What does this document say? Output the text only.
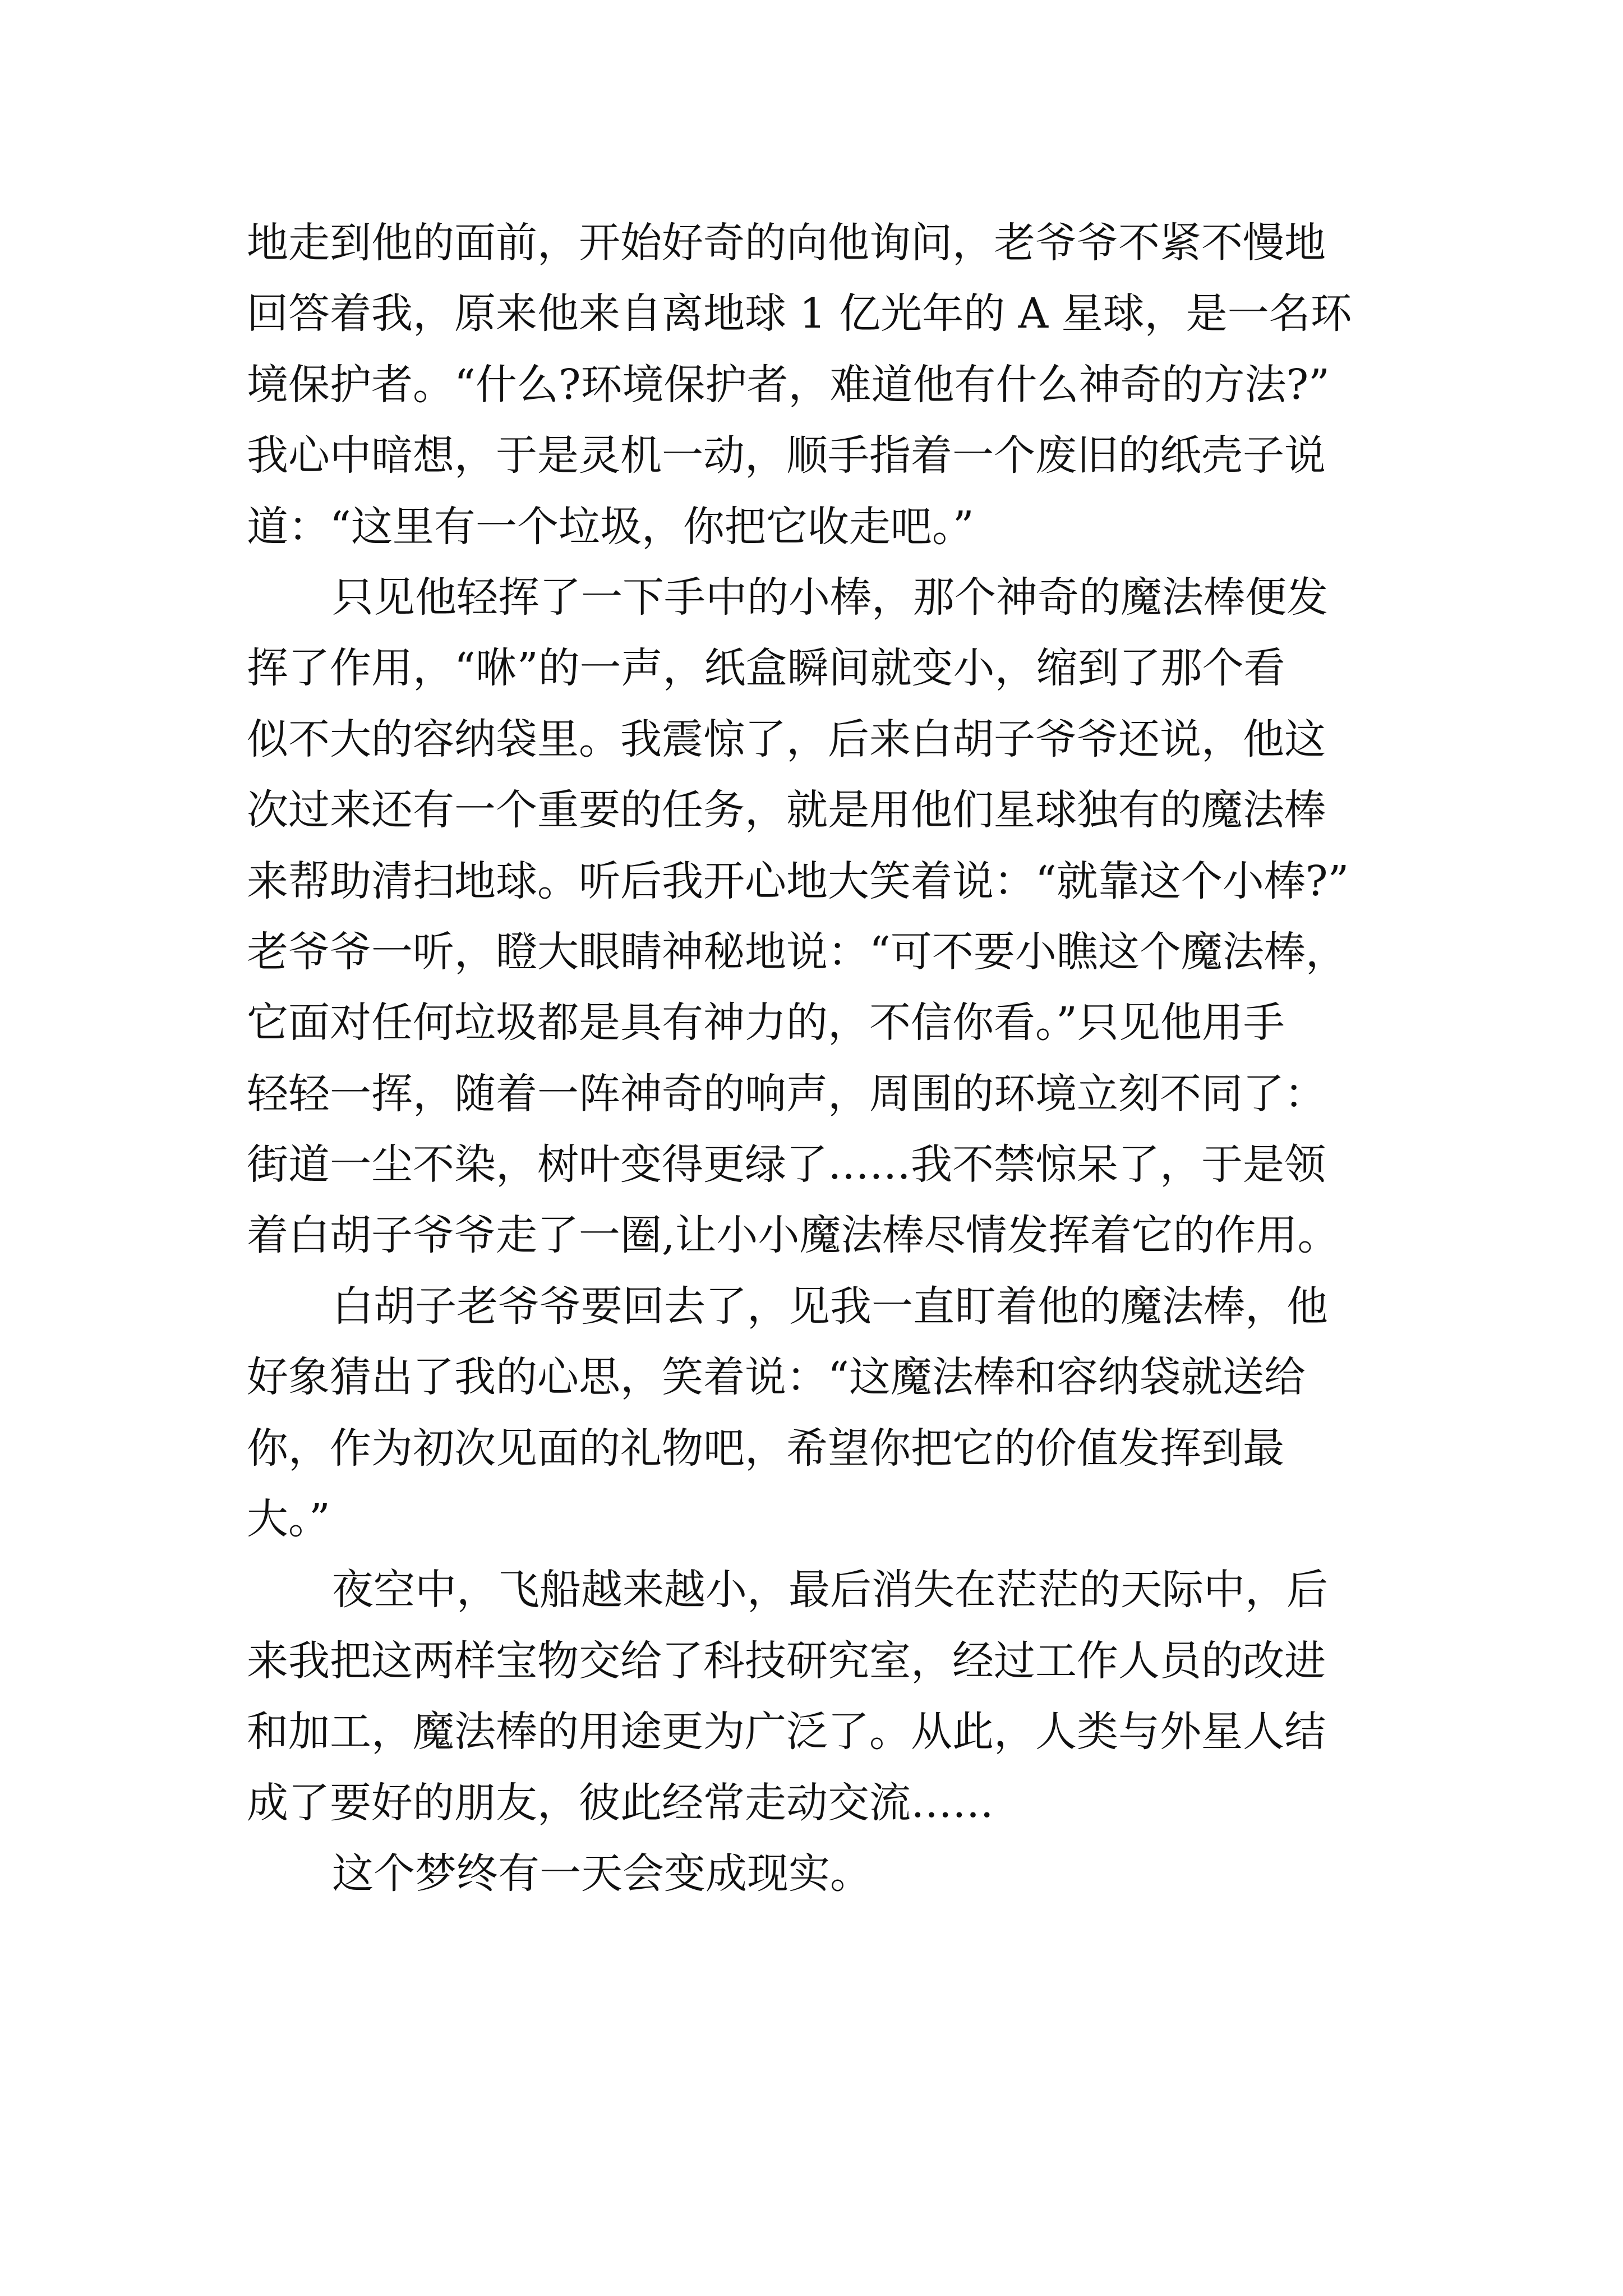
地走到他的面前，开始好奇的向他询问，老爷爷不紧不慢地
回答着我，原来他来自离地球 1 亿光年的 A 星球，是一名环
境保护者。“什么?环境保护者，难道他有什么神奇的方法?”
我心中暗想，于是灵机一动，顺手指着一个废旧的纸壳子说
道：“这里有一个垃圾，你把它收走吧。”
只见他轻挥了一下手中的小棒，那个神奇的魔法棒便发
挥了作用，“咻”的一声，纸盒瞬间就变小，缩到了那个看
似不大的容纳袋里。我震惊了，后来白胡子爷爷还说，他这
次过来还有一个重要的任务，就是用他们星球独有的魔法棒
来帮助清扫地球。听后我开心地大笑着说：“就靠这个小棒?”
老爷爷一听，瞪大眼睛神秘地说：“可不要小瞧这个魔法棒，
它面对任何垃圾都是具有神力的，不信你看。”只见他用手
轻轻一挥，随着一阵神奇的响声，周围的环境立刻不同了：
街道一尘不染，树叶变得更绿了……我不禁惊呆了，于是领
着白胡子爷爷走了一圈,让小小魔法棒尽情发挥着它的作用。
白胡子老爷爷要回去了，见我一直盯着他的魔法棒，他
好象猜出了我的心思，笑着说：“这魔法棒和容纳袋就送给
你，作为初次见面的礼物吧，希望你把它的价值发挥到最
大。”
夜空中，飞船越来越小，最后消失在茫茫的天际中，后
来我把这两样宝物交给了科技研究室，经过工作人员的改进
和加工，魔法棒的用途更为广泛了。从此，人类与外星人结
成了要好的朋友，彼此经常走动交流……
这个梦终有一天会变成现实。
